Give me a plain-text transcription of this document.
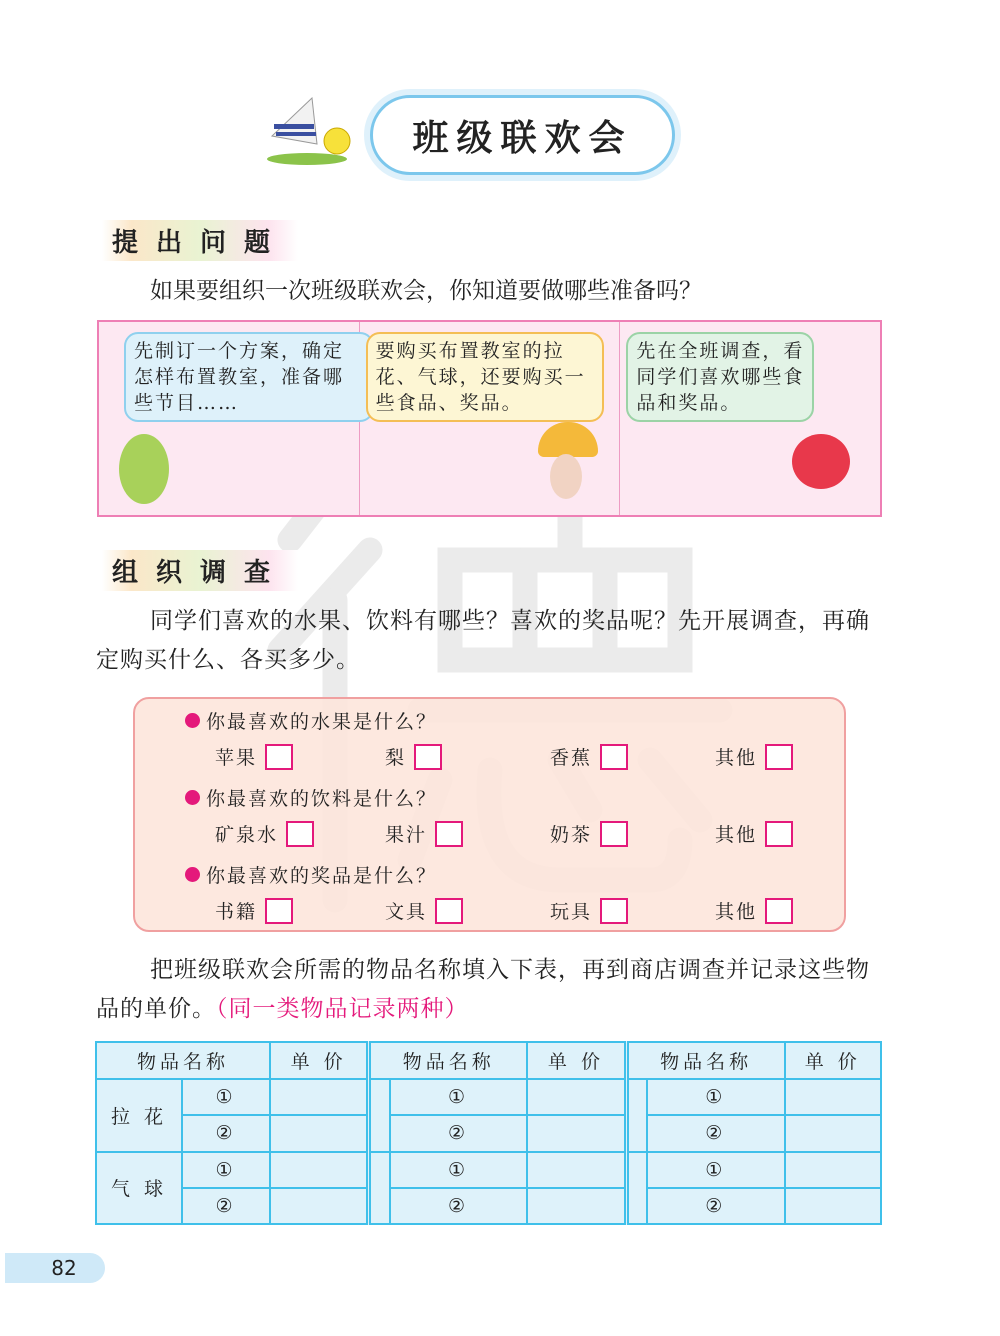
班级联欢会
提出问题
如果要组织一次班级联欢会，你知道要做哪些准备吗？
先制订一个方案，确定怎样布置教室，准备哪些节目……
要购买布置教室的拉花、气球，还要购买一些食品、奖品。
先在全班调查，看同学们喜欢哪些食品和奖品。
组织调查
同学们喜欢的水果、饮料有哪些？喜欢的奖品呢？先开展调查，再确定购买什么、各买多少。
你最喜欢的水果是什么？
苹果	梨	香蕉	其他
你最喜欢的饮料是什么？
矿泉水	果汁	奶茶	其他
你最喜欢的奖品是什么？
书籍	文具	玩具	其他
把班级联欢会所需的物品名称填入下表，再到商店调查并记录这些物品的单价。（同一类物品记录两种）
物品名称		单 价	物品名称		单 价	物品名称		单 价
拉 花	①			①			①	
	②			②			②	
气 球	①			①			①	
	②			②			②	
82
